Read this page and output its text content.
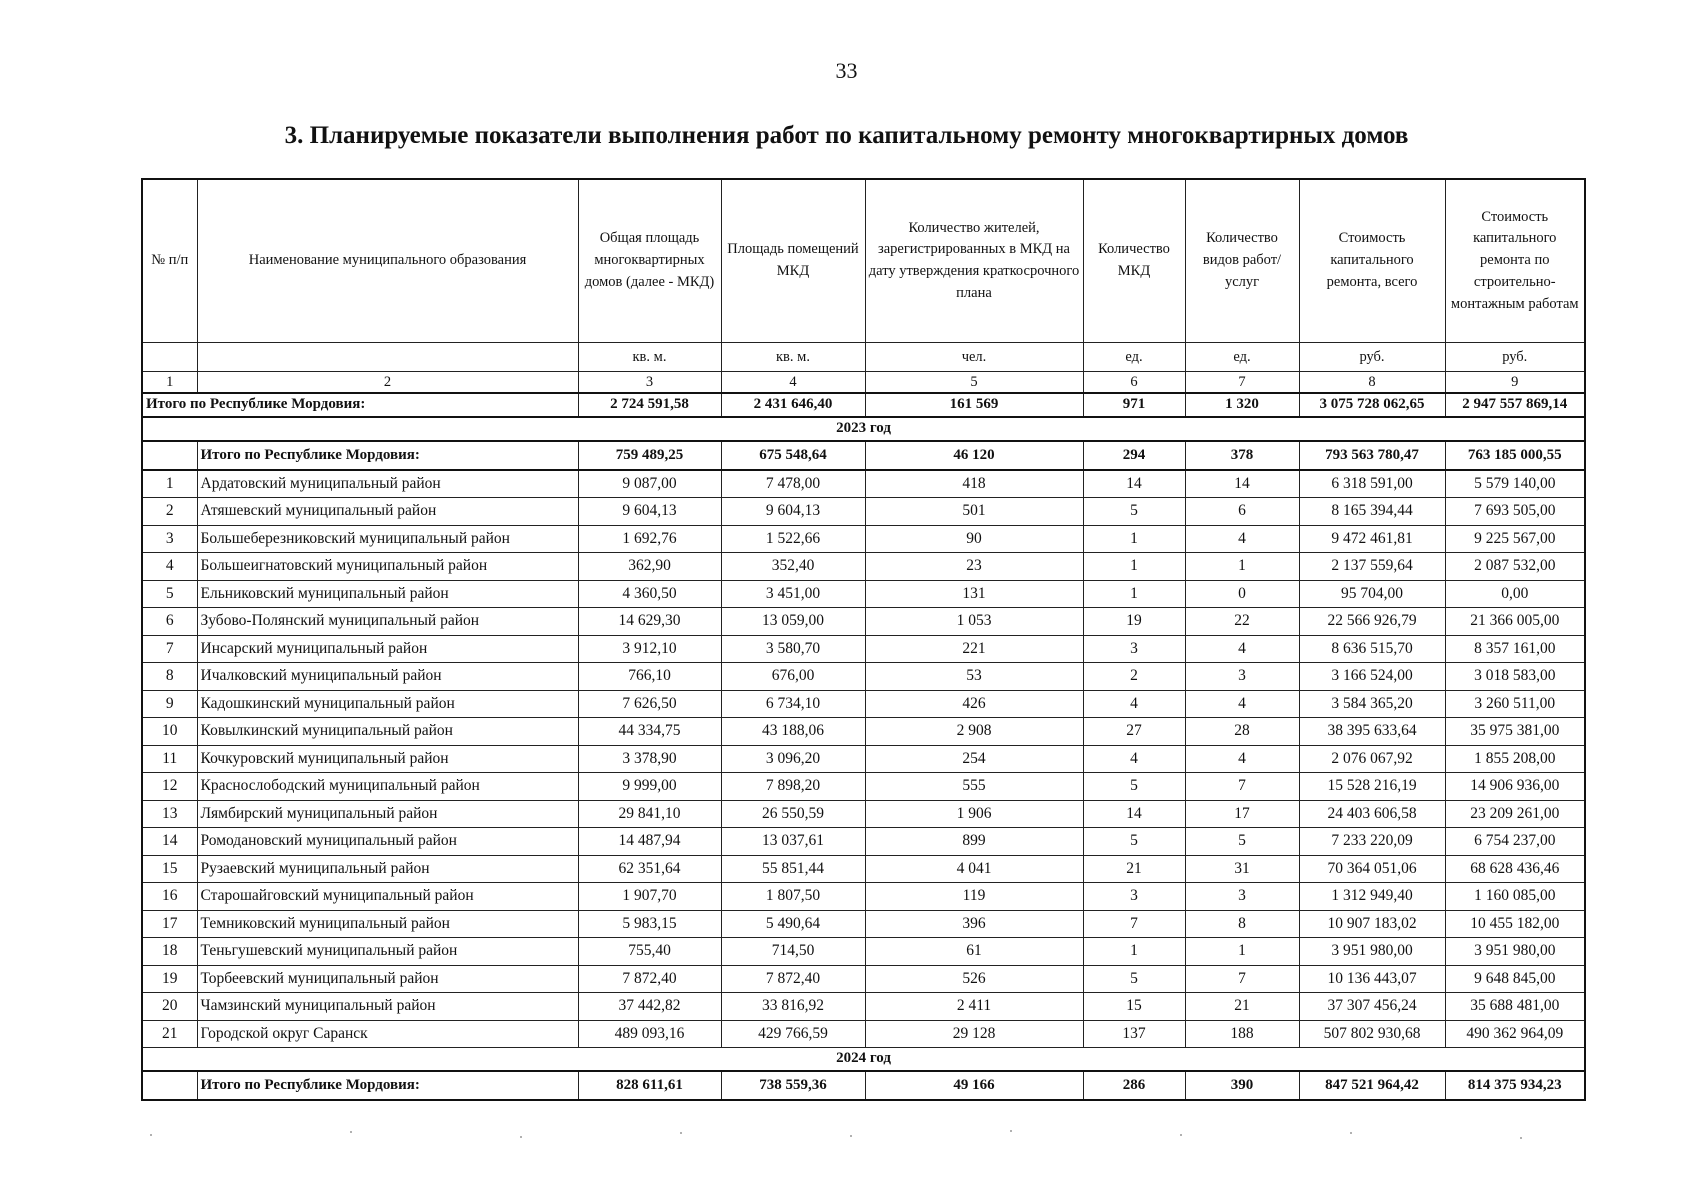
33
3. Планируемые показатели выполнения работ по капитальному ремонту многоквартирных домов
№ п/п	Наименование муниципального образования	Общая площадь многоквартирных домов (далее - МКД)	Площадь помещений МКД	Количество жителей, зарегистрированных в МКД на дату утверждения краткосрочного плана	Количество МКД	Количество видов работ/услуг	Стоимость капитального ремонта, всего	Стоимость капитального ремонта по строительно-монтажным работам
		кв. м.	кв. м.	чел.	ед.	ед.	руб.	руб.
1	2	3	4	5	6	7	8	9
Итого по Республике Мордовия:		2 724 591,58	2 431 646,40	161 569	971	1 320	3 075 728 062,65	2 947 557 869,14
2023 год								
	Итого по Республике Мордовия:	759 489,25	675 548,64	46 120	294	378	793 563 780,47	763 185 000,55
1	Ардатовский муниципальный район	9 087,00	7 478,00	418	14	14	6 318 591,00	5 579 140,00
2	Атяшевский муниципальный район	9 604,13	9 604,13	501	5	6	8 165 394,44	7 693 505,00
3	Большеберезниковский муниципальный район	1 692,76	1 522,66	90	1	4	9 472 461,81	9 225 567,00
4	Большеигнатовский муниципальный район	362,90	352,40	23	1	1	2 137 559,64	2 087 532,00
5	Ельниковский муниципальный район	4 360,50	3 451,00	131	1	0	95 704,00	0,00
6	Зубово-Полянский муниципальный район	14 629,30	13 059,00	1 053	19	22	22 566 926,79	21 366 005,00
7	Инсарский муниципальный район	3 912,10	3 580,70	221	3	4	8 636 515,70	8 357 161,00
8	Ичалковский муниципальный район	766,10	676,00	53	2	3	3 166 524,00	3 018 583,00
9	Кадошкинский муниципальный район	7 626,50	6 734,10	426	4	4	3 584 365,20	3 260 511,00
10	Ковылкинский муниципальный район	44 334,75	43 188,06	2 908	27	28	38 395 633,64	35 975 381,00
11	Кочкуровский муниципальный район	3 378,90	3 096,20	254	4	4	2 076 067,92	1 855 208,00
12	Краснослободский муниципальный район	9 999,00	7 898,20	555	5	7	15 528 216,19	14 906 936,00
13	Лямбирский муниципальный район	29 841,10	26 550,59	1 906	14	17	24 403 606,58	23 209 261,00
14	Ромодановский муниципальный район	14 487,94	13 037,61	899	5	5	7 233 220,09	6 754 237,00
15	Рузаевский муниципальный район	62 351,64	55 851,44	4 041	21	31	70 364 051,06	68 628 436,46
16	Старошайговский муниципальный район	1 907,70	1 807,50	119	3	3	1 312 949,40	1 160 085,00
17	Темниковский муниципальный район	5 983,15	5 490,64	396	7	8	10 907 183,02	10 455 182,00
18	Теньгушевский муниципальный район	755,40	714,50	61	1	1	3 951 980,00	3 951 980,00
19	Торбеевский муниципальный район	7 872,40	7 872,40	526	5	7	10 136 443,07	9 648 845,00
20	Чамзинский муниципальный район	37 442,82	33 816,92	2 411	15	21	37 307 456,24	35 688 481,00
21	Городской округ Саранск	489 093,16	429 766,59	29 128	137	188	507 802 930,68	490 362 964,09
2024 год								
	Итого по Республике Мордовия:	828 611,61	738 559,36	49 166	286	390	847 521 964,42	814 375 934,23
